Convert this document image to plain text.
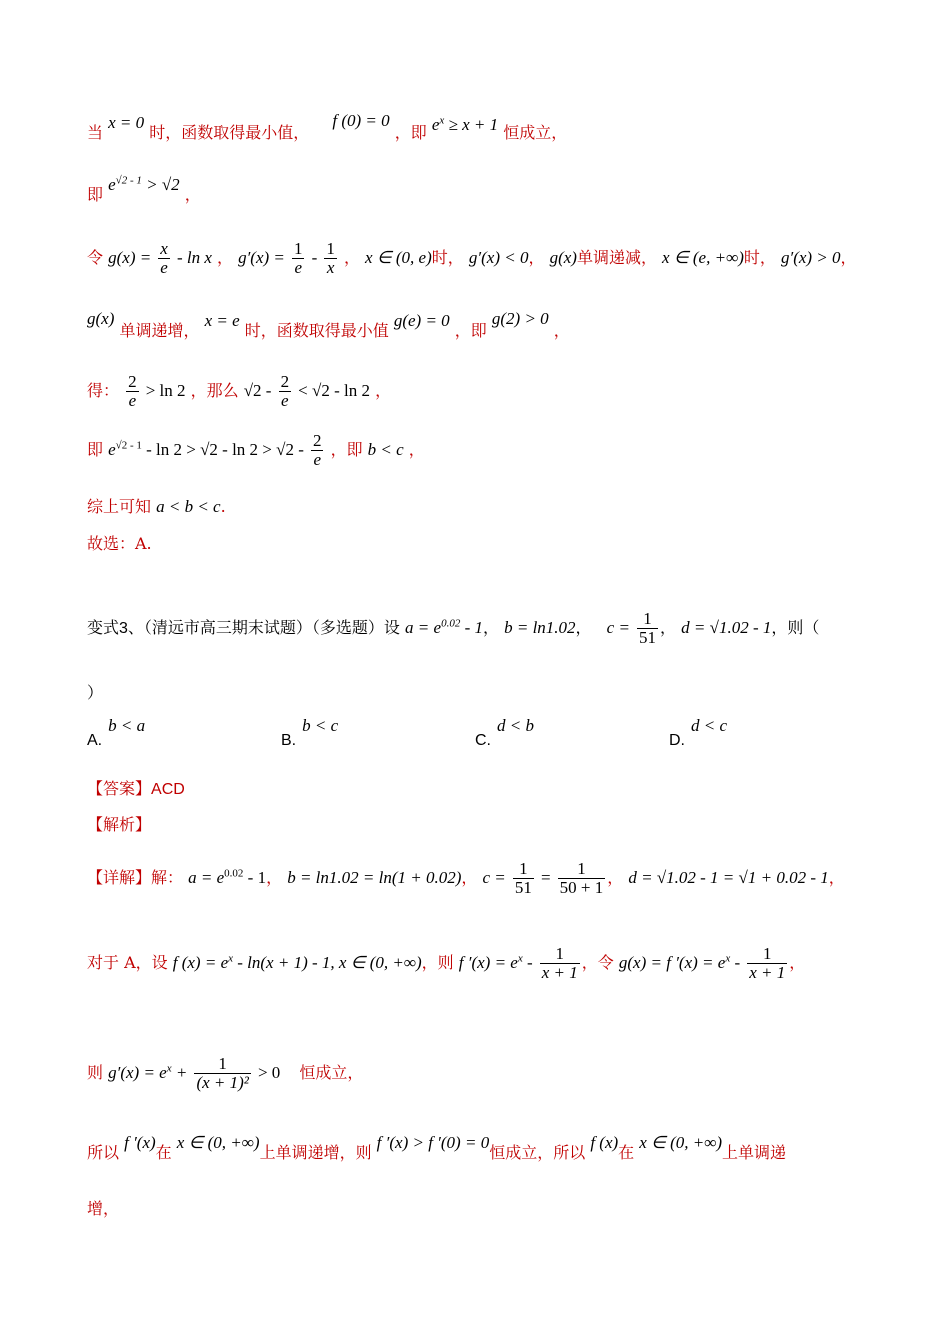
当 x = 0 时，函数取得最小值， f (0) = 0 ，即 $e^x \ge x + 1$ 恒成立，
即 $e^{√2 - 1} > √2$ ，
令 $g(x) = \frac{x}{e} - \ln x$ ， $g'(x) = \frac{1}{e} - \frac{1}{x}$ ， x ∈ (0, e)时， g′(x) < 0， g(x)单调递减， x ∈ (e, +∞)时， g′(x) > 0，
g(x) 单调递增， x = e 时，函数取得最小值 g(e) = 0 ，即 g(2) > 0 ，
得： $\frac{2}{e} > \ln 2$ ，那么 $√2 - \frac{2}{e} < √2 - \ln 2$ ，
即 $e^{√2 - 1} - \ln 2 > √2 - \ln 2 > √2 - \frac{2}{e}$ ，即 b < c ，
综上可知 a < b < c.
故选：A.
变式3、（清远市高三期末试题）（多选题）设 $a = e^{0.02} - 1$， b = ln1.02， $c = \frac{1}{51}$ ， d = √1.02 - 1，则（
）
A.b < a
B.b < c
C.d < b
D.d < c
【答案】ACD
【解析】
【详解】解： $a = e^{0.02} - 1$， b = ln1.02 = ln(1 + 0.02)， $c = \frac{1}{51} = \frac{1}{50 + 1}$ ， d = √1.02 - 1 = √1 + 0.02 - 1，
对于 A，设 f $(x) = e^x - \ln(x + 1) - 1$, x ∈ (0, +∞)，则 f $'(x) = e^x - \frac{1}{x + 1}$ ，令 g(x) = f $'(x) = e^x - \frac{1}{x + 1}$ ，
则 $g'(x) = e^x + \frac{1}{\text{(x + 1)²}} > 0$ 恒成立，
所以 f ′(x)在 x ∈ (0, +∞)上单调递增，则 f ′(x) > f ′(0) = 0恒成立，所以 f (x)在 x ∈ (0, +∞)上单调递
增，
